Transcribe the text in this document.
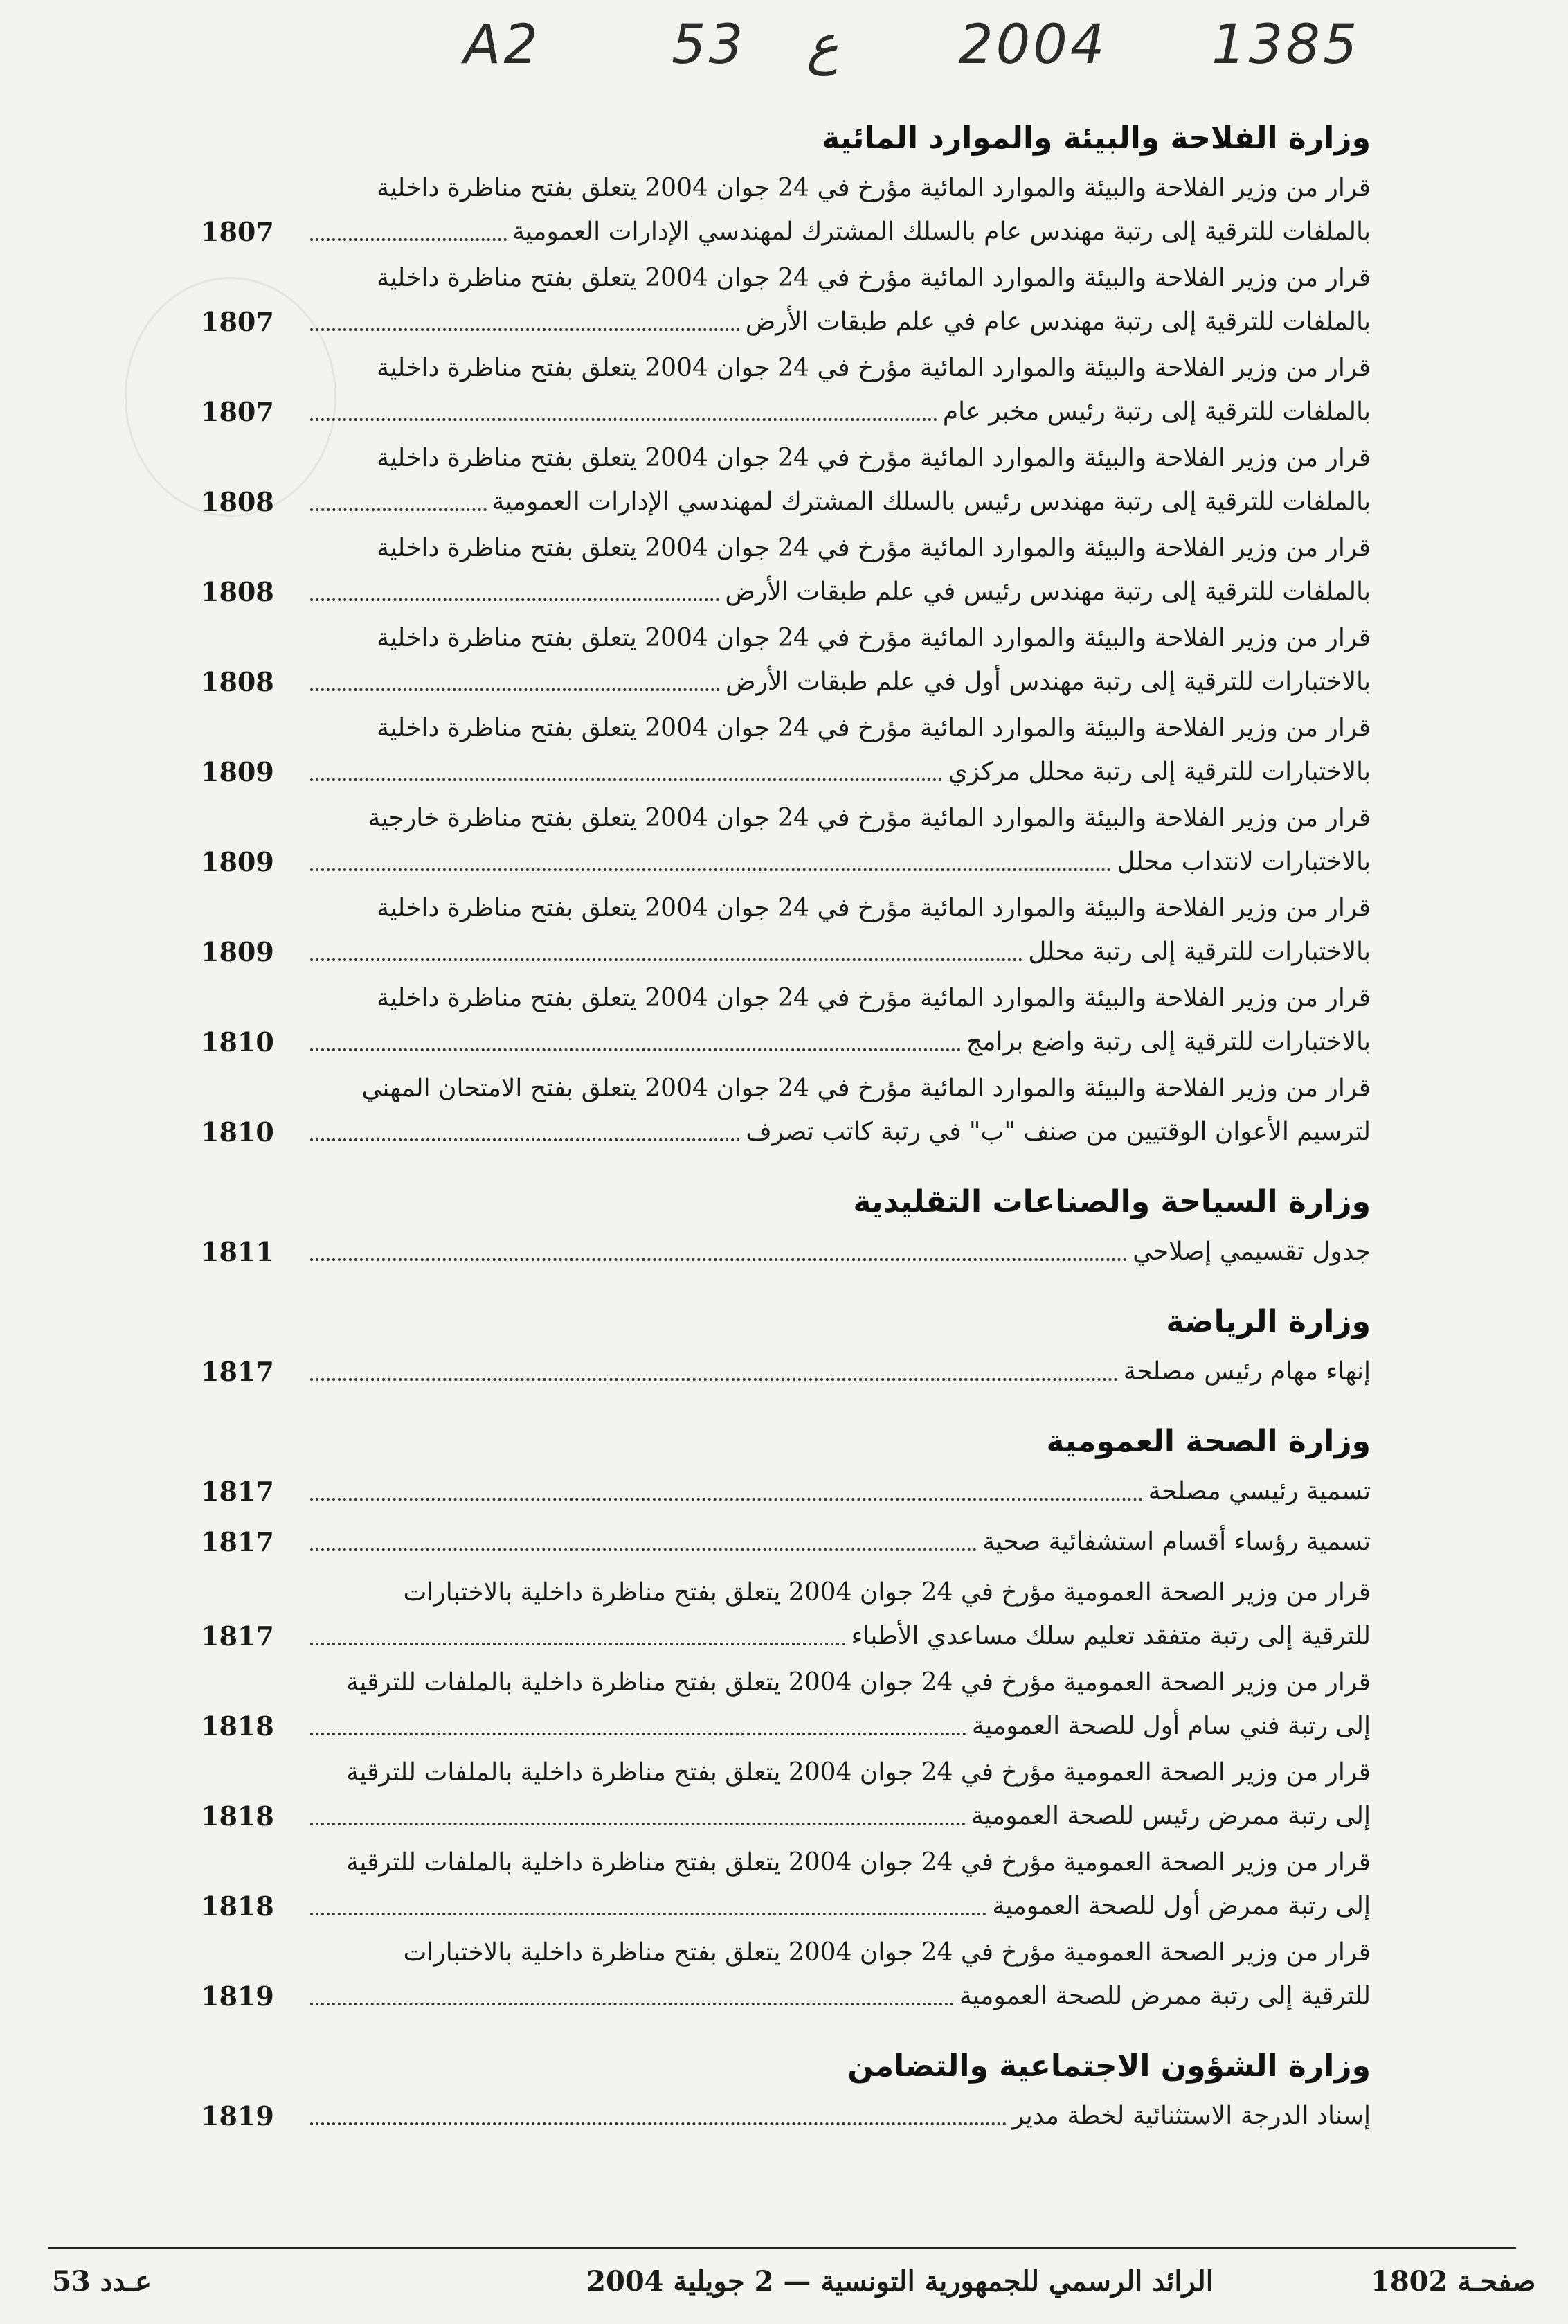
A2 53 ع 2004 1385
وزارة الفلاحة والبيئة والموارد المائية
قرار من وزير الفلاحة والبيئة والموارد المائية مؤرخ في 24 جوان 2004 يتعلق بفتح مناظرة داخلية
بالملفات للترقية إلى رتبة مهندس عام بالسلك المشترك لمهندسي الإدارات العمومية
1807
قرار من وزير الفلاحة والبيئة والموارد المائية مؤرخ في 24 جوان 2004 يتعلق بفتح مناظرة داخلية
بالملفات للترقية إلى رتبة مهندس عام في علم طبقات الأرض
1807
قرار من وزير الفلاحة والبيئة والموارد المائية مؤرخ في 24 جوان 2004 يتعلق بفتح مناظرة داخلية
بالملفات للترقية إلى رتبة رئيس مخبر عام
1807
قرار من وزير الفلاحة والبيئة والموارد المائية مؤرخ في 24 جوان 2004 يتعلق بفتح مناظرة داخلية
بالملفات للترقية إلى رتبة مهندس رئيس بالسلك المشترك لمهندسي الإدارات العمومية
1808
قرار من وزير الفلاحة والبيئة والموارد المائية مؤرخ في 24 جوان 2004 يتعلق بفتح مناظرة داخلية
بالملفات للترقية إلى رتبة مهندس رئيس في علم طبقات الأرض
1808
قرار من وزير الفلاحة والبيئة والموارد المائية مؤرخ في 24 جوان 2004 يتعلق بفتح مناظرة داخلية
بالاختبارات للترقية إلى رتبة مهندس أول في علم طبقات الأرض
1808
قرار من وزير الفلاحة والبيئة والموارد المائية مؤرخ في 24 جوان 2004 يتعلق بفتح مناظرة داخلية
بالاختبارات للترقية إلى رتبة محلل مركزي
1809
قرار من وزير الفلاحة والبيئة والموارد المائية مؤرخ في 24 جوان 2004 يتعلق بفتح مناظرة خارجية
بالاختبارات لانتداب محلل
1809
قرار من وزير الفلاحة والبيئة والموارد المائية مؤرخ في 24 جوان 2004 يتعلق بفتح مناظرة داخلية
بالاختبارات للترقية إلى رتبة محلل
1809
قرار من وزير الفلاحة والبيئة والموارد المائية مؤرخ في 24 جوان 2004 يتعلق بفتح مناظرة داخلية
بالاختبارات للترقية إلى رتبة واضع برامج
1810
قرار من وزير الفلاحة والبيئة والموارد المائية مؤرخ في 24 جوان 2004 يتعلق بفتح الامتحان المهني
لترسيم الأعوان الوقتيين من صنف "ب" في رتبة كاتب تصرف
1810
وزارة السياحة والصناعات التقليدية
جدول تقسيمي إصلاحي
1811
وزارة الرياضة
إنهاء مهام رئيس مصلحة
1817
وزارة الصحة العمومية
تسمية رئيسي مصلحة
1817
تسمية رؤساء أقسام استشفائية صحية
1817
قرار من وزير الصحة العمومية مؤرخ في 24 جوان 2004 يتعلق بفتح مناظرة داخلية بالاختبارات
للترقية إلى رتبة متفقد تعليم سلك مساعدي الأطباء
1817
قرار من وزير الصحة العمومية مؤرخ في 24 جوان 2004 يتعلق بفتح مناظرة داخلية بالملفات للترقية
إلى رتبة فني سام أول للصحة العمومية
1818
قرار من وزير الصحة العمومية مؤرخ في 24 جوان 2004 يتعلق بفتح مناظرة داخلية بالملفات للترقية
إلى رتبة ممرض رئيس للصحة العمومية
1818
قرار من وزير الصحة العمومية مؤرخ في 24 جوان 2004 يتعلق بفتح مناظرة داخلية بالملفات للترقية
إلى رتبة ممرض أول للصحة العمومية
1818
قرار من وزير الصحة العمومية مؤرخ في 24 جوان 2004 يتعلق بفتح مناظرة داخلية بالاختبارات
للترقية إلى رتبة ممرض للصحة العمومية
1819
وزارة الشؤون الاجتماعية والتضامن
إسناد الدرجة الاستثنائية لخطة مدير
1819
عـدد 53	الرائد الرسمي للجمهورية التونسية — 2 جويلية 2004	صفحـة 1802
